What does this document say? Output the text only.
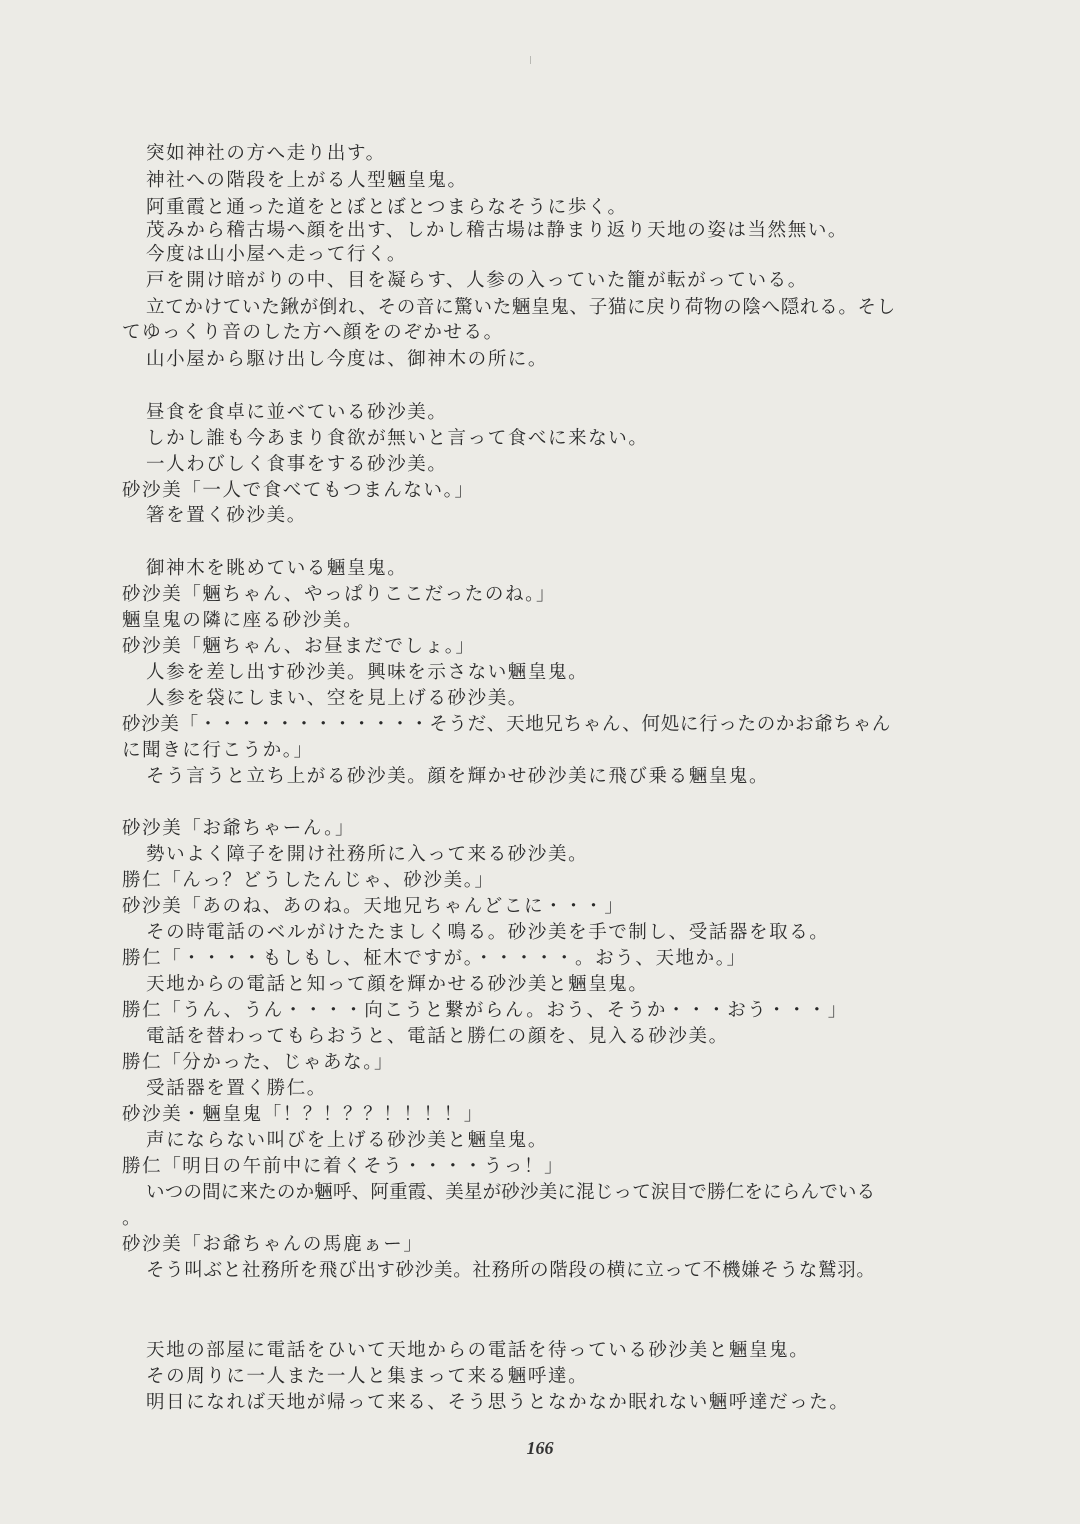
突如神社の方へ走り出す。
神社への階段を上がる人型魎皇鬼。
阿重霞と通った道をとぼとぼとつまらなそうに歩く。
茂みから稽古場へ顔を出す、しかし稽古場は静まり返り天地の姿は当然無い。
今度は山小屋へ走って行く。
戸を開け暗がりの中、目を凝らす、人参の入っていた籠が転がっている。
立てかけていた鍬が倒れ、その音に驚いた魎皇鬼、子猫に戻り荷物の陰へ隠れる。そし
てゆっくり音のした方へ顔をのぞかせる。
山小屋から駆け出し今度は、御神木の所に。
昼食を食卓に並べている砂沙美。
しかし誰も今あまり食欲が無いと言って食べに来ない。
一人わびしく食事をする砂沙美。
砂沙美「一人で食べてもつまんない。」
箸を置く砂沙美。
御神木を眺めている魎皇鬼。
砂沙美「魎ちゃん、やっぱりここだったのね。」
魎皇鬼の隣に座る砂沙美。
砂沙美「魎ちゃん、お昼まだでしょ。」
人参を差し出す砂沙美。興味を示さない魎皇鬼。
人参を袋にしまい、空を見上げる砂沙美。
砂沙美「・・・・・・・・・・・・そうだ、天地兄ちゃん、何処に行ったのかお爺ちゃん
に聞きに行こうか。」
そう言うと立ち上がる砂沙美。顔を輝かせ砂沙美に飛び乗る魎皇鬼。
砂沙美「お爺ちゃーん。」
勢いよく障子を開け社務所に入って来る砂沙美。
勝仁「んっ？どうしたんじゃ、砂沙美。」
砂沙美「あのね、あのね。天地兄ちゃんどこに・・・」
その時電話のベルがけたたましく鳴る。砂沙美を手で制し、受話器を取る。
勝仁「・・・・もしもし、柾木ですが。・・・・・。おう、天地か。」
天地からの電話と知って顔を輝かせる砂沙美と魎皇鬼。
勝仁「うん、うん・・・・向こうと繋がらん。おう、そうか・・・おう・・・」
電話を替わってもらおうと、電話と勝仁の顔を、見入る砂沙美。
勝仁「分かった、じゃあな。」
受話器を置く勝仁。
砂沙美・魎皇鬼「！？！？？！！！！」
声にならない叫びを上げる砂沙美と魎皇鬼。
勝仁「明日の午前中に着くそう・・・・うっ！」
いつの間に来たのか魎呼、阿重霞、美星が砂沙美に混じって涙目で勝仁をにらんでいる
。
砂沙美「お爺ちゃんの馬鹿ぁー」
そう叫ぶと社務所を飛び出す砂沙美。社務所の階段の横に立って不機嫌そうな鷲羽。
天地の部屋に電話をひいて天地からの電話を待っている砂沙美と魎皇鬼。
その周りに一人また一人と集まって来る魎呼達。
明日になれば天地が帰って来る、そう思うとなかなか眠れない魎呼達だった。
166
